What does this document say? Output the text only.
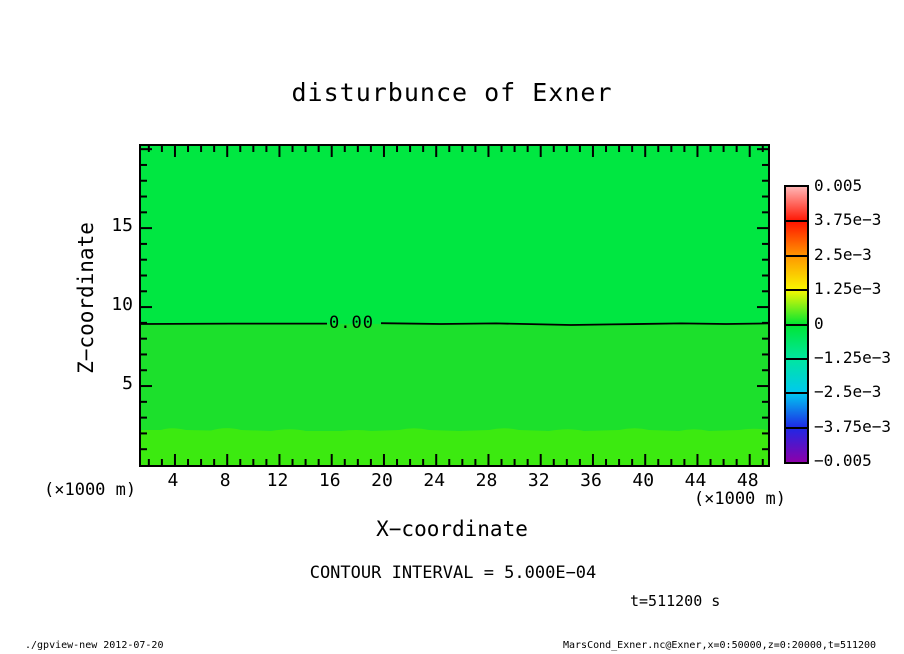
disturbunce of Exner
Z−coordinate	0.00
4	8	12	16	20	24	28	32	36	40	44	48
5
10
15
(×1000 m)	(×1000 m)
X−coordinate
CONTOUR INTERVAL = 5.000E−04
t=511200 s
0.005
3.75e−3
2.5e−3
1.25e−3
0
−1.25e−3
−2.5e−3
−3.75e−3
−0.005
./gpview-new 2012-07-20	MarsCond_Exner.nc@Exner,x=0:50000,z=0:20000,t=511200
